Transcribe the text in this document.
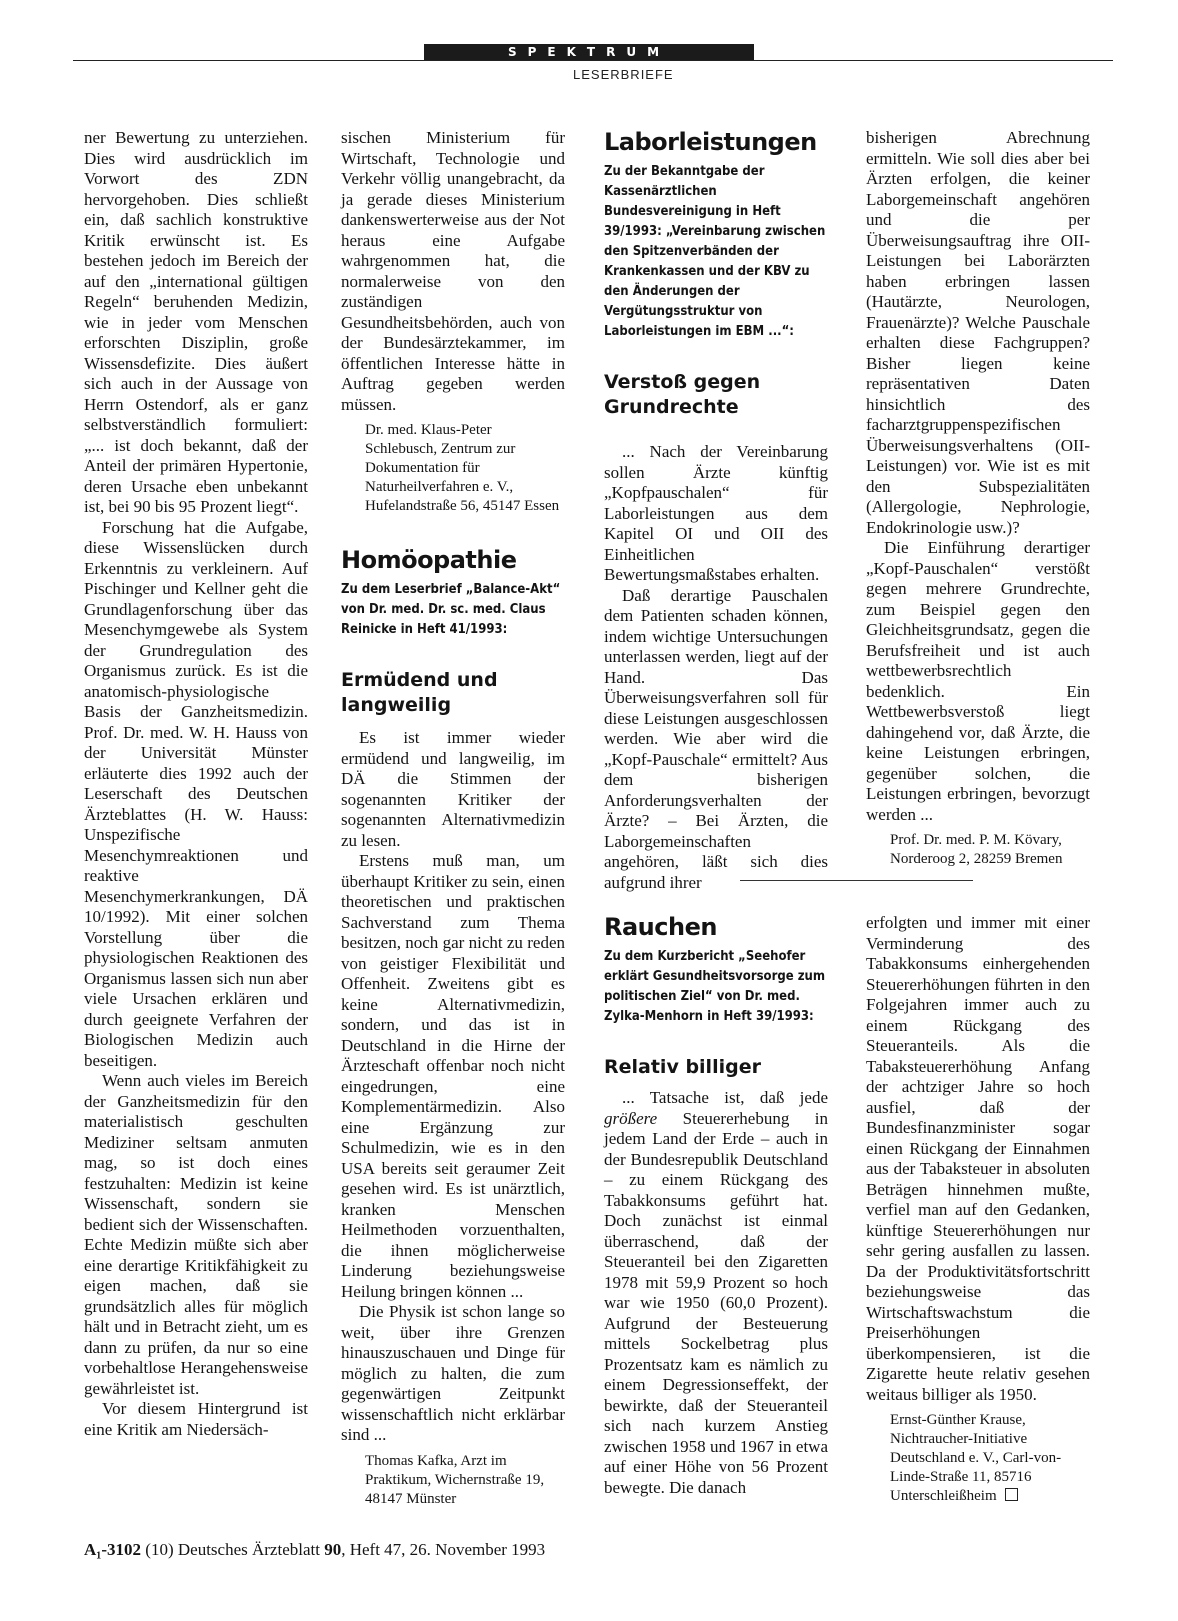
SPEKTRUM
LESERBRIEFE

ner Bewertung zu unterziehen. Dies wird ausdrücklich im Vorwort des ZDN hervorgehoben. Dies schließt ein, daß sachlich konstruktive Kritik erwünscht ist. Es bestehen jedoch im Bereich der auf den „international gültigen Regeln“ beruhenden Medizin, wie in jeder vom Menschen erforschten Disziplin, große Wissensdefizite. Dies äußert sich auch in der Aussage von Herrn Ostendorf, als er ganz selbstverständlich formuliert: „... ist doch bekannt, daß der Anteil der primären Hypertonie, deren Ursache eben unbekannt ist, bei 90 bis 95 Prozent liegt“.

Forschung hat die Aufgabe, diese Wissenslücken durch Erkenntnis zu verkleinern. Auf Pischinger und Kellner geht die Grundlagenforschung über das Mesenchymgewebe als System der Grundregulation des Organismus zurück. Es ist die anatomisch-physiologische Basis der Ganzheitsmedizin. Prof. Dr. med. W. H. Hauss von der Universität Münster erläuterte dies 1992 auch der Leserschaft des Deutschen Ärzteblattes (H. W. Hauss: Unspezifische Mesenchymreaktionen und reaktive Mesenchymerkrankungen, DÄ 10/1992). Mit einer solchen Vorstellung über die physiologischen Reaktionen des Organismus lassen sich nun aber viele Ursachen erklären und durch geeignete Verfahren der Biologischen Medizin auch beseitigen.

Wenn auch vieles im Bereich der Ganzheitsmedizin für den materialistisch geschulten Mediziner seltsam anmuten mag, so ist doch eines festzuhalten: Medizin ist keine Wissenschaft, sondern sie bedient sich der Wissenschaften. Echte Medizin müßte sich aber eine derartige Kritikfähigkeit zu eigen machen, daß sie grundsätzlich alles für möglich hält und in Betracht zieht, um es dann zu prüfen, da nur so eine vorbehaltlose Herangehensweise gewährleistet ist.

Vor diesem Hintergrund ist eine Kritik am Niedersäch-

sischen Ministerium für Wirtschaft, Technologie und Verkehr völlig unangebracht, da ja gerade dieses Ministerium dankenswerterweise aus der Not heraus eine Aufgabe wahrgenommen hat, die normalerweise von den zuständigen Gesundheitsbehörden, auch von der Bundesärztekammer, im öffentlichen Interesse hätte in Auftrag gegeben werden müssen.

Dr. med. Klaus-Peter Schlebusch, Zentrum zur Dokumentation für Naturheilverfahren e. V., Hufelandstraße 56, 45147 Essen

Homöopathie

Zu dem Leserbrief „Balance-Akt“ von Dr. med. Dr. sc. med. Claus Reinicke in Heft 41/1993:

Ermüdend und langweilig

Es ist immer wieder ermüdend und langweilig, im DÄ die Stimmen der sogenannten Kritiker der sogenannten Alternativmedizin zu lesen.

Erstens muß man, um überhaupt Kritiker zu sein, einen theoretischen und praktischen Sachverstand zum Thema besitzen, noch gar nicht zu reden von geistiger Flexibilität und Offenheit. Zweitens gibt es keine Alternativmedizin, sondern, und das ist in Deutschland in die Hirne der Ärzteschaft offenbar noch nicht eingedrungen, eine Komplementärmedizin. Also eine Ergänzung zur Schulmedizin, wie es in den USA bereits seit geraumer Zeit gesehen wird. Es ist unärztlich, kranken Menschen Heilmethoden vorzuenthalten, die ihnen möglicherweise Linderung beziehungsweise Heilung bringen können ...

Die Physik ist schon lange so weit, über ihre Grenzen hinauszuschauen und Dinge für möglich zu halten, die zum gegenwärtigen Zeitpunkt wissenschaftlich nicht erklärbar sind ...

Thomas Kafka, Arzt im Praktikum, Wichernstraße 19, 48147 Münster

Laborleistungen

Zu der Bekanntgabe der Kassenärztlichen Bundesvereinigung in Heft 39/1993: „Vereinbarung zwischen den Spitzenverbänden der Krankenkassen und der KBV zu den Änderungen der Vergütungsstruktur von Laborleistungen im EBM ...“:

Verstoß gegen Grundrechte

... Nach der Vereinbarung sollen Ärzte künftig „Kopfpauschalen“ für Laborleistungen aus dem Kapitel OI und OII des Einheitlichen Bewertungsmaßstabes erhalten.

Daß derartige Pauschalen dem Patienten schaden können, indem wichtige Untersuchungen unterlassen werden, liegt auf der Hand. Das Überweisungsverfahren soll für diese Leistungen ausgeschlossen werden. Wie aber wird die „Kopf-Pauschale“ ermittelt? Aus dem bisherigen Anforderungsverhalten der Ärzte? – Bei Ärzten, die Laborgemeinschaften angehören, läßt sich dies aufgrund ihrer

bisherigen Abrechnung ermitteln. Wie soll dies aber bei Ärzten erfolgen, die keiner Laborgemeinschaft angehören und die per Überweisungsauftrag ihre OII-Leistungen bei Laborärzten haben erbringen lassen (Hautärzte, Neurologen, Frauenärzte)? Welche Pauschale erhalten diese Fachgruppen? Bisher liegen keine repräsentativen Daten hinsichtlich des facharztgruppenspezifischen Überweisungsverhaltens (OII-Leistungen) vor. Wie ist es mit den Subspezialitäten (Allergologie, Nephrologie, Endokrinologie usw.)?

Die Einführung derartiger „Kopf-Pauschalen“ verstößt gegen mehrere Grundrechte, zum Beispiel gegen den Gleichheitsgrundsatz, gegen die Berufsfreiheit und ist auch wettbewerbsrechtlich bedenklich. Ein Wettbewerbsverstoß liegt dahingehend vor, daß Ärzte, die keine Leistungen erbringen, gegenüber solchen, die Leistungen erbringen, bevorzugt werden ...

Prof. Dr. med. P. M. Kövary, Norderoog 2, 28259 Bremen

Rauchen

Zu dem Kurzbericht „Seehofer erklärt Gesundheitsvorsorge zum politischen Ziel“ von Dr. med. Zylka-Menhorn in Heft 39/1993:

Relativ billiger

... Tatsache ist, daß jede größere Steuererhebung in jedem Land der Erde – auch in der Bundesrepublik Deutschland – zu einem Rückgang des Tabakkonsums geführt hat. Doch zunächst ist einmal überraschend, daß der Steueranteil bei den Zigaretten 1978 mit 59,9 Prozent so hoch war wie 1950 (60,0 Prozent). Aufgrund der Besteuerung mittels Sockelbetrag plus Prozentsatz kam es nämlich zu einem Degressionseffekt, der bewirkte, daß der Steueranteil sich nach kurzem Anstieg zwischen 1958 und 1967 in etwa auf einer Höhe von 56 Prozent bewegte. Die danach

erfolgten und immer mit einer Verminderung des Tabakkonsums einhergehenden Steuererhöhungen führten in den Folgejahren immer auch zu einem Rückgang des Steueranteils. Als die Tabaksteuererhöhung Anfang der achtziger Jahre so hoch ausfiel, daß der Bundesfinanzminister sogar einen Rückgang der Einnahmen aus der Tabaksteuer in absoluten Beträgen hinnehmen mußte, verfiel man auf den Gedanken, künftige Steuererhöhungen nur sehr gering ausfallen zu lassen. Da der Produktivitätsfortschritt beziehungsweise das Wirtschaftswachstum die Preiserhöhungen überkompensieren, ist die Zigarette heute relativ gesehen weitaus billiger als 1950.

Ernst-Günther Krause, Nichtraucher-Initiative Deutschland e. V., Carl-von-Linde-Straße 11, 85716 Unterschleißheim

A₁-3102 (10) Deutsches Ärzteblatt 90, Heft 47, 26. November 1993
